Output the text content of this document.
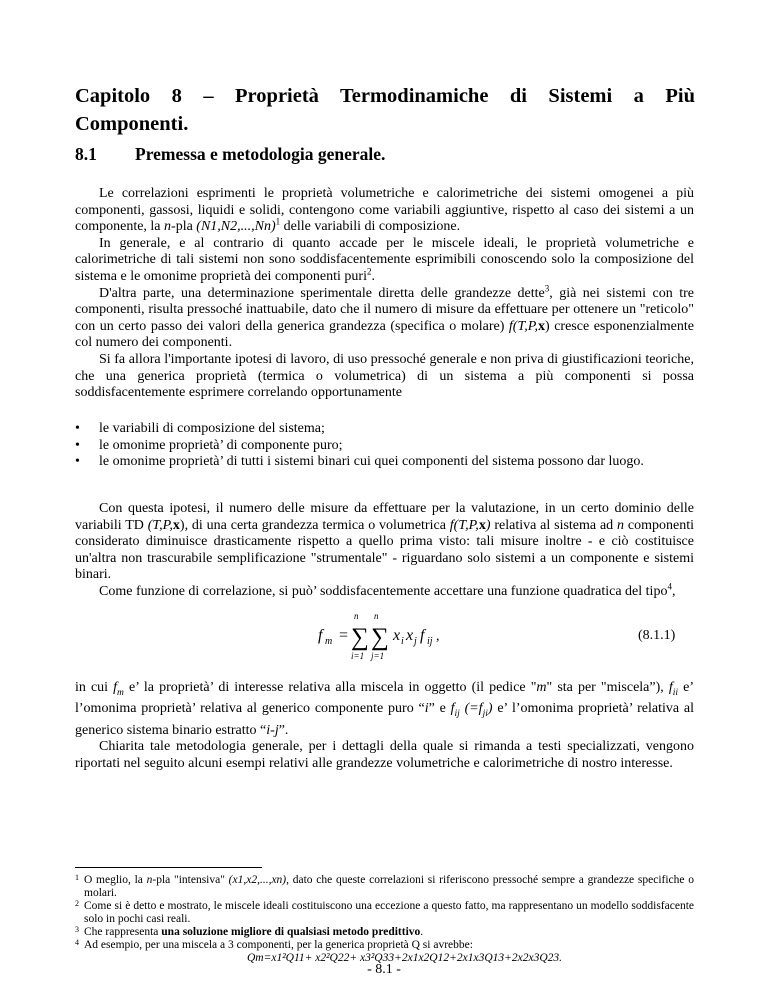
Capitolo 8 – Proprietà Termodinamiche di Sistemi a Più
Componenti.
8.1 Premessa e metodologia generale.

Le correlazioni esprimenti le proprietà volumetriche e calorimetriche dei sistemi omogenei a più componenti, gassosi, liquidi e solidi, contengono come variabili aggiuntive, rispetto al caso dei sistemi a un componente, la n-pla $(N1,N2,...,Nn)^1$ delle variabili di composizione.

In generale, e al contrario di quanto accade per le miscele ideali, le proprietà volumetriche e calorimetriche di tali sistemi non sono soddisfacentemente esprimibili conoscendo solo la composizione del sistema e le omonime proprietà dei componenti puri$^2$.

D'altra parte, una determinazione sperimentale diretta delle grandezze dette$^3$, già nei sistemi con tre componenti, risulta pressoché inattuabile, dato che il numero di misure da effettuare per ottenere un "reticolo" con un certo passo dei valori della generica grandezza (specifica o molare) f(T,P,x) cresce esponenzialmente col numero dei componenti.

Si fa allora l'importante ipotesi di lavoro, di uso pressoché generale e non priva di giustificazioni teoriche, che una generica proprietà (termica o volumetrica) di un sistema a più componenti si possa soddisfacentemente esprimere correlando opportunamente

• le variabili di composizione del sistema;
• le omonime proprietà’ di componente puro;
• le omonime proprietà’ di tutti i sistemi binari cui quei componenti del sistema possono dar luogo.

Con questa ipotesi, il numero delle misure da effettuare per la valutazione, in un certo dominio delle variabili TD (T,P,x), di una certa grandezza termica o volumetrica f(T,P,x) relativa al sistema ad n componenti considerato diminuisce drasticamente rispetto a quello prima visto: tali misure inoltre - e ciò costituisce un'altra non trascurabile semplificazione "strumentale" - riguardano solo sistemi a un componente e sistemi binari.

Come funzione di correlazione, si può’ soddisfacentemente accettare una funzione quadratica del tipo$^4$,

f m =
n
∑
i=1
n
∑
j=1
x i x j f ij ,	(8.1.1)

in cui $f_m$ e’ la proprietà’ di interesse relativa alla miscela in oggetto (il pedice "m" sta per "miscela”), $f_{ii}$ e’ l’omonima proprietà’ relativa al generico componente puro “i” e $f_{ij}$ $(=f_{ji})$ e’ l’omonima proprietà’ relativa al generico sistema binario estratto “i-j”.

Chiarita tale metodologia generale, per i dettagli della quale si rimanda a testi specializzati, vengono riportati nel seguito alcuni esempi relativi alle grandezze volumetriche e calorimetriche di nostro interesse.

1 O meglio, la n-pla "intensiva" (x1,x2,...,xn), dato che queste correlazioni si riferiscono pressoché sempre a grandezze specifiche o molari.
2 Come si è detto e mostrato, le miscele ideali costituiscono una eccezione a questo fatto, ma rappresentano un modello soddisfacente solo in pochi casi reali.
3 Che rappresenta una soluzione migliore di qualsiasi metodo predittivo.
4 Ad esempio, per una miscela a 3 componenti, per la generica proprietà Q si avrebbe:
Qm=x1²Q11+ x2²Q22+ x3²Q33+2x1x2Q12+2x1x3Q13+2x2x3Q23.
- 8.1 -
